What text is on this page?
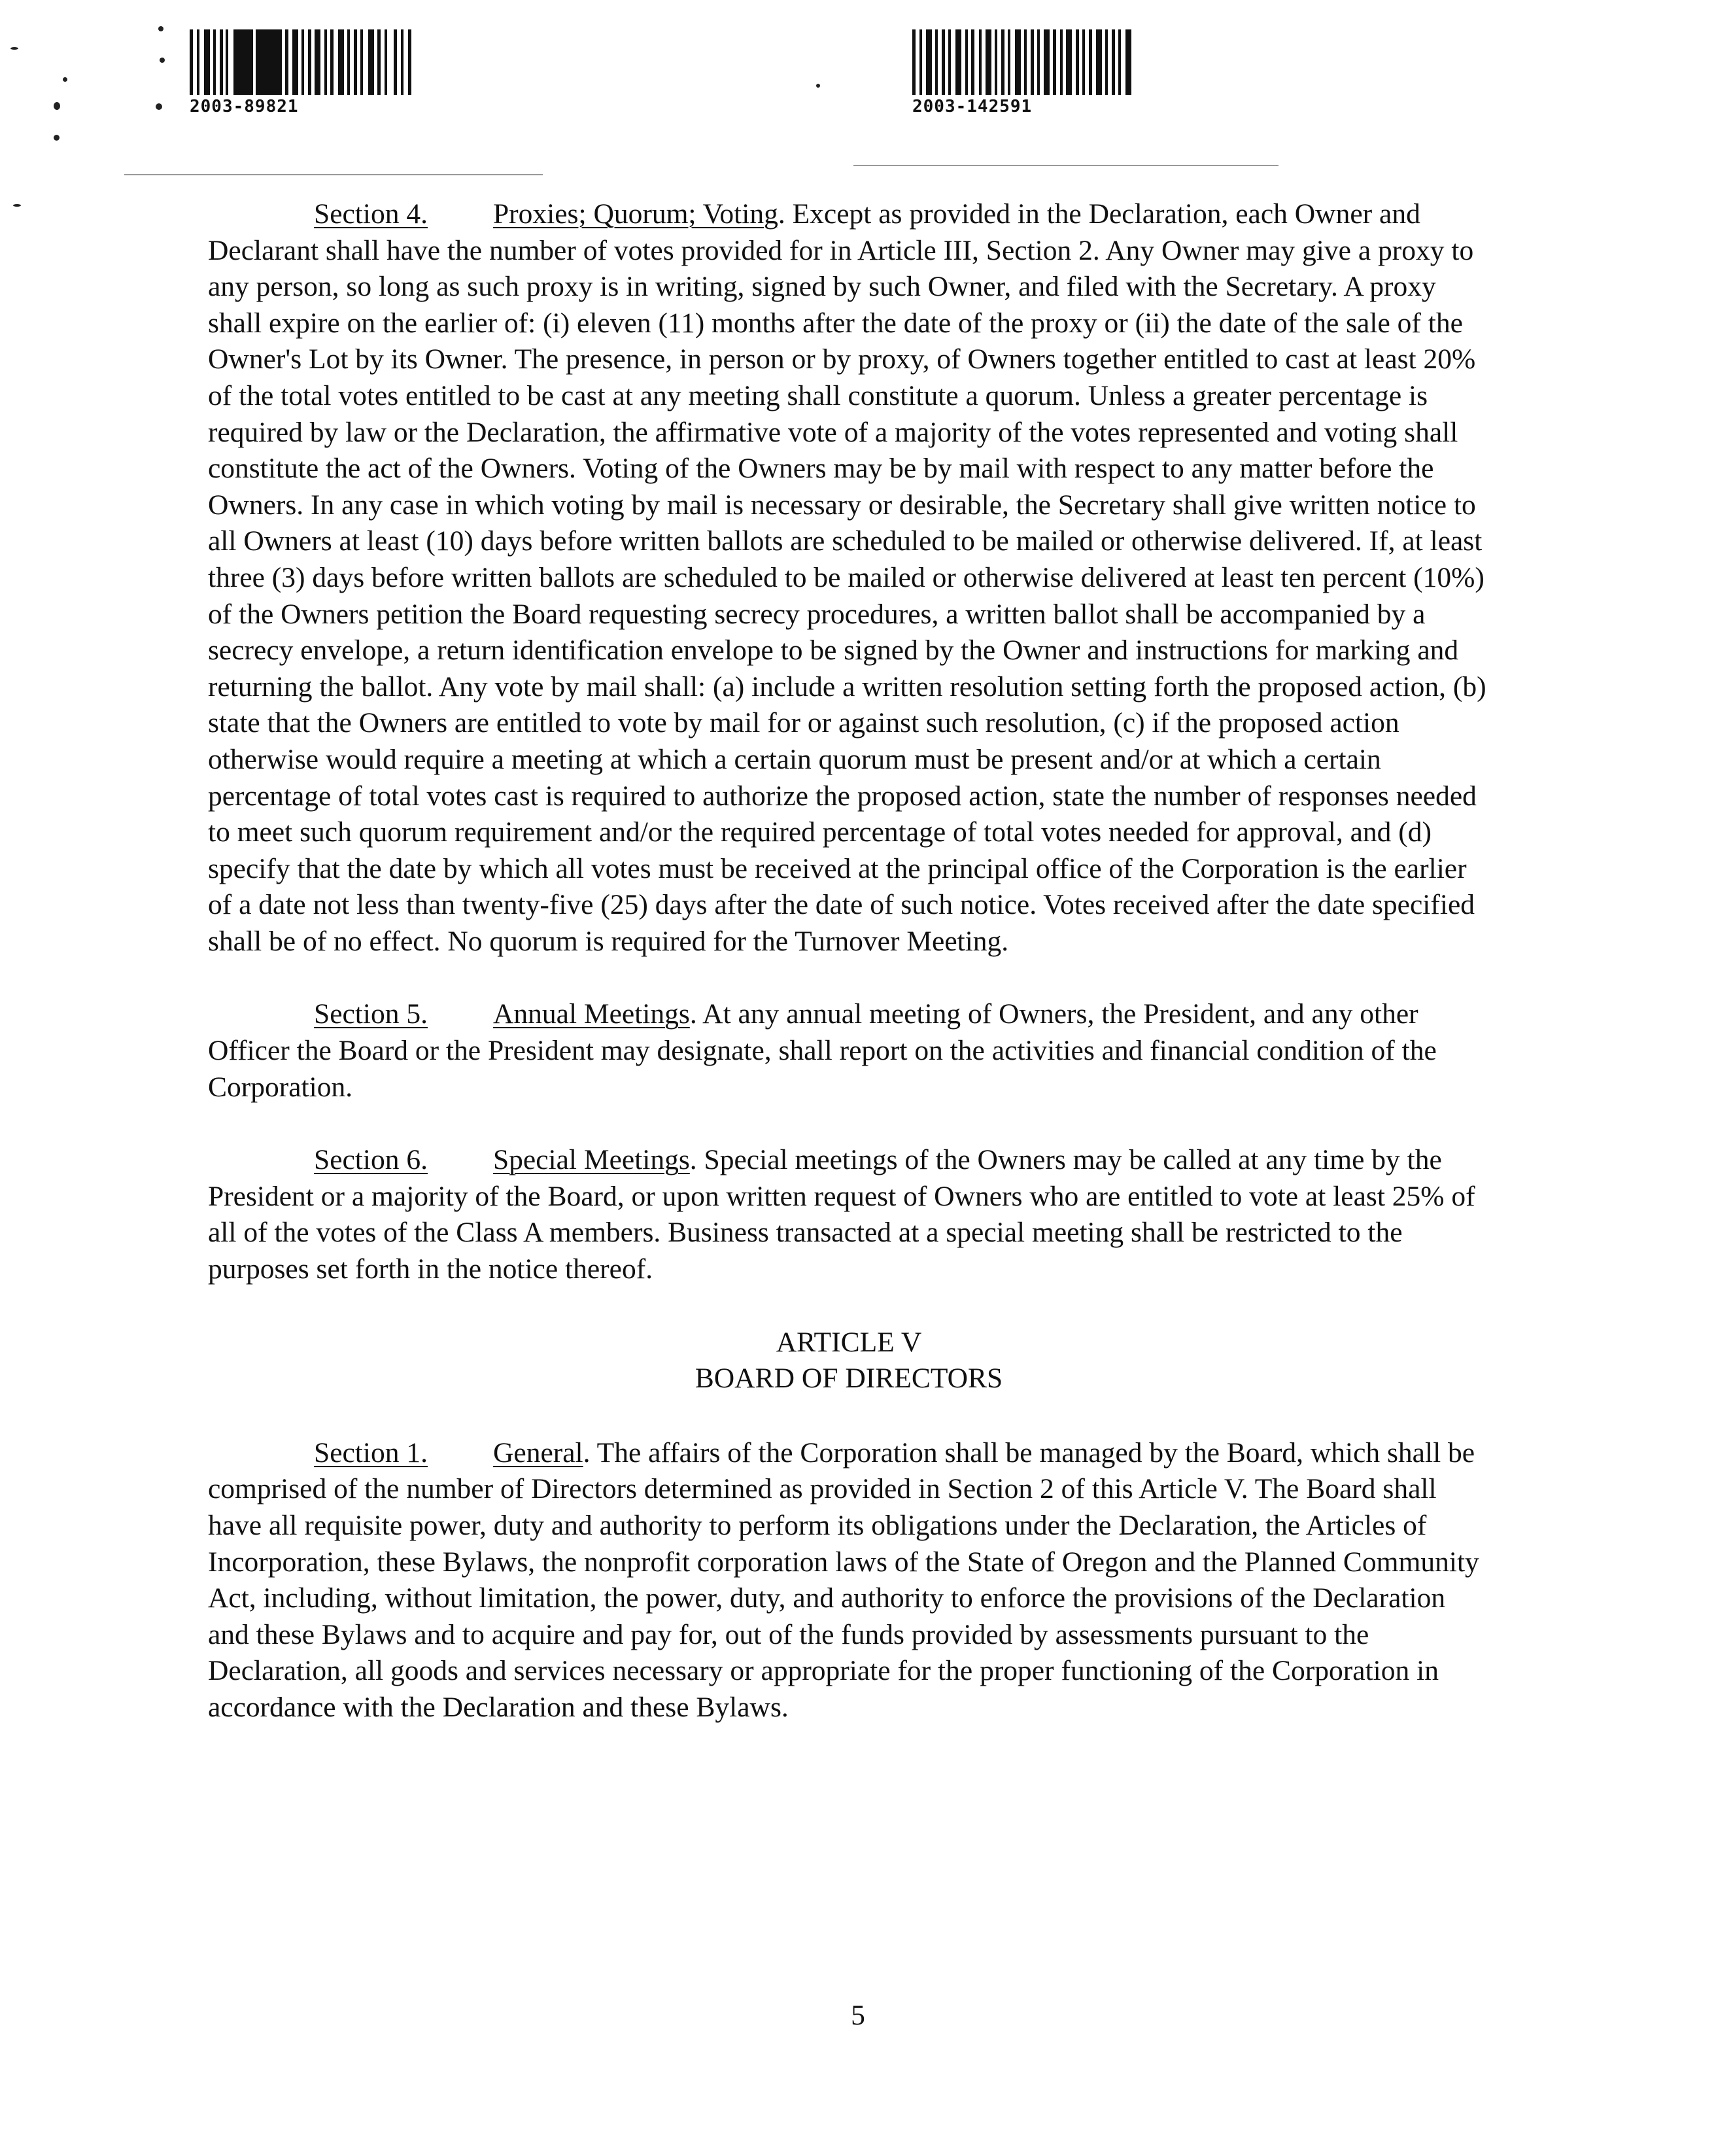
2003-89821	2003-142591

Section 4. Proxies; Quorum; Voting. Except as provided in the Declaration, each Owner and Declarant shall have the number of votes provided for in Article III, Section 2. Any Owner may give a proxy to any person, so long as such proxy is in writing, signed by such Owner, and filed with the Secretary. A proxy shall expire on the earlier of: (i) eleven (11) months after the date of the proxy or (ii) the date of the sale of the Owner's Lot by its Owner. The presence, in person or by proxy, of Owners together entitled to cast at least 20% of the total votes entitled to be cast at any meeting shall constitute a quorum. Unless a greater percentage is required by law or the Declaration, the affirmative vote of a majority of the votes represented and voting shall constitute the act of the Owners. Voting of the Owners may be by mail with respect to any matter before the Owners. In any case in which voting by mail is necessary or desirable, the Secretary shall give written notice to all Owners at least (10) days before written ballots are scheduled to be mailed or otherwise delivered. If, at least three (3) days before written ballots are scheduled to be mailed or otherwise delivered at least ten percent (10%) of the Owners petition the Board requesting secrecy procedures, a written ballot shall be accompanied by a secrecy envelope, a return identification envelope to be signed by the Owner and instructions for marking and returning the ballot. Any vote by mail shall: (a) include a written resolution setting forth the proposed action, (b) state that the Owners are entitled to vote by mail for or against such resolution, (c) if the proposed action otherwise would require a meeting at which a certain quorum must be present and/or at which a certain percentage of total votes cast is required to authorize the proposed action, state the number of responses needed to meet such quorum requirement and/or the required percentage of total votes needed for approval, and (d) specify that the date by which all votes must be received at the principal office of the Corporation is the earlier of a date not less than twenty-five (25) days after the date of such notice. Votes received after the date specified shall be of no effect. No quorum is required for the Turnover Meeting.

Section 5. Annual Meetings. At any annual meeting of Owners, the President, and any other Officer the Board or the President may designate, shall report on the activities and financial condition of the Corporation.

Section 6. Special Meetings. Special meetings of the Owners may be called at any time by the President or a majority of the Board, or upon written request of Owners who are entitled to vote at least 25% of all of the votes of the Class A members. Business transacted at a special meeting shall be restricted to the purposes set forth in the notice thereof.

ARTICLE V
BOARD OF DIRECTORS

Section 1. General. The affairs of the Corporation shall be managed by the Board, which shall be comprised of the number of Directors determined as provided in Section 2 of this Article V. The Board shall have all requisite power, duty and authority to perform its obligations under the Declaration, the Articles of Incorporation, these Bylaws, the nonprofit corporation laws of the State of Oregon and the Planned Community Act, including, without limitation, the power, duty, and authority to enforce the provisions of the Declaration and these Bylaws and to acquire and pay for, out of the funds provided by assessments pursuant to the Declaration, all goods and services necessary or appropriate for the proper functioning of the Corporation in accordance with the Declaration and these Bylaws.

5
